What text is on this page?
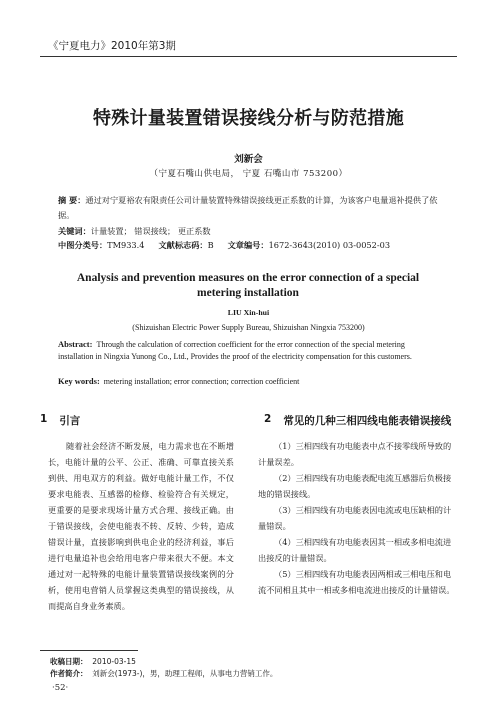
《宁夏电力》2010年第3期
特殊计量装置错误接线分析与防范措施
刘新会
（宁夏石嘴山供电局， 宁夏 石嘴山市 753200）
摘 要：通过对宁夏裕农有限责任公司计量装置特殊错误接线更正系数的计算，为该客户电量退补提供了依据。
关键词：计量装置； 错误接线； 更正系数
中图分类号：TM933.4 文献标志码：B 文章编号：1672-3643(2010) 03-0052-03
Analysis and prevention measures on the error connection of a special metering installation
LIU Xin-hui
(Shizuishan Electric Power Supply Bureau, Shizuishan Ningxia 753200)
Abstract: Through the calculation of correction coefficient for the error connection of the special metering installation in Ningxia Yunong Co., Ltd., Provides the proof of the electricity compensation for this customers.
Key words: metering installation; error connection; correction coefficient
1 引言	2 常见的几种三相四线电能表错误接线

随着社会经济不断发展，电力需求也在不断增长，电能计量的公平、公正、准确、可靠直接关系到供、用电双方的利益。做好电能计量工作，不仅要求电能表、互感器的检修、检验符合有关规定，更重要的是要求现场计量方式合理、接线正确。由于错误接线，会使电能表不转、反转、少转，造成错误计量，直接影响到供电企业的经济利益，事后进行电量追补也会给用电客户带来很大不便。本文通过对一起特殊的电能计量装置错误接线案例的分析，使用电营销人员掌握这类典型的错误接线，从而提高自身业务素质。

（1）三相四线有功电能表中点不接零线所导致的计量误差。

（2）三相四线有功电能表配电流互感器后负极接地的错误接线。

（3）三相四线有功电能表因电流或电压缺相的计量错误。

（4）三相四线有功电能表因其一相或多相电流进出接反的计量错误。

（5）三相四线有功电能表因两相或三相电压和电流不同相且其中一相或多相电流进出接反的计量错误。

收稿日期： 2010-03-15
作者简介： 刘新会(1973-)，男，助理工程师，从事电力营销工作。
·52·
